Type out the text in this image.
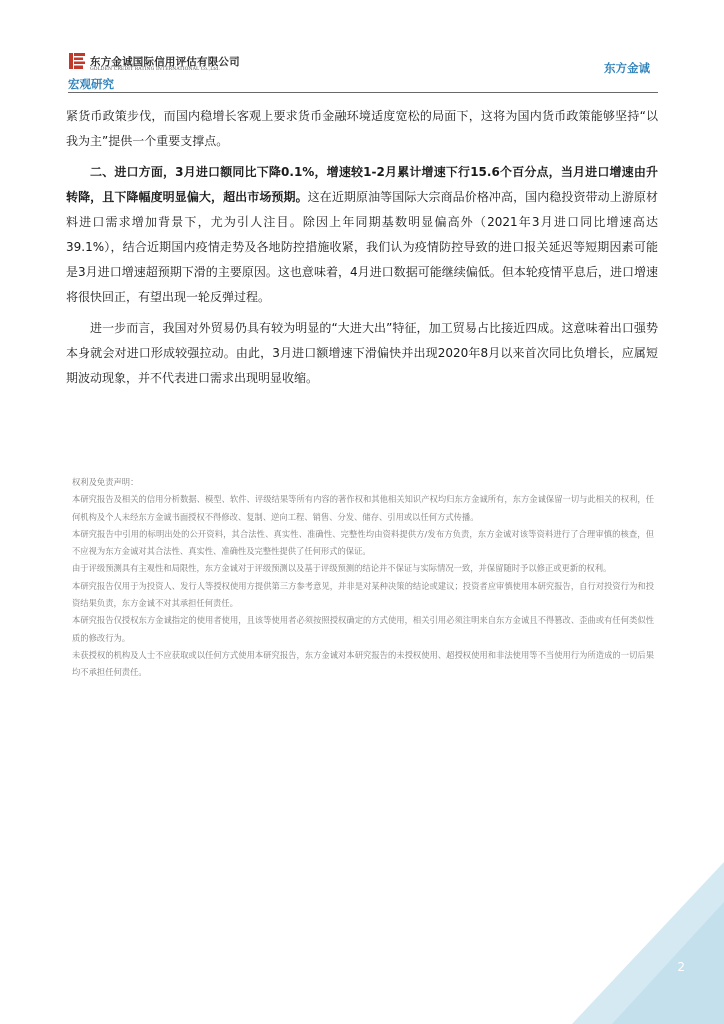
东方金诚国际信用评估有限公司
GOLDEN CREDIT RATING INTERNATIONAL Co.,Ltd.	东方金诚
宏观研究

紧货币政策步伐，而国内稳增长客观上要求货币金融环境适度宽松的局面下，这将为国内货币政策能够坚持“以我为主”提供一个重要支撑点。

二、进口方面，3月进口额同比下降0.1%，增速较1-2月累计增速下行15.6个百分点，当月进口增速由升转降，且下降幅度明显偏大，超出市场预期。这在近期原油等国际大宗商品价格冲高，国内稳投资带动上游原材料进口需求增加背景下，尤为引人注目。除因上年同期基数明显偏高外（2021年3月进口同比增速高达39.1%），结合近期国内疫情走势及各地防控措施收紧，我们认为疫情防控导致的进口报关延迟等短期因素可能是3月进口增速超预期下滑的主要原因。这也意味着，4月进口数据可能继续偏低。但本轮疫情平息后，进口增速将很快回正，有望出现一轮反弹过程。

进一步而言，我国对外贸易仍具有较为明显的“大进大出”特征，加工贸易占比接近四成。这意味着出口强势本身就会对进口形成较强拉动。由此，3月进口额增速下滑偏快并出现2020年8月以来首次同比负增长，应属短期波动现象，并不代表进口需求出现明显收缩。

权利及免责声明：
本研究报告及相关的信用分析数据、模型、软件、评级结果等所有内容的著作权和其他相关知识产权均归东方金诚所有，东方金诚保留一切与此相关的权利，任何机构及个人未经东方金诚书面授权不得修改、复制、逆向工程、销售、分发、储存、引用或以任何方式传播。
本研究报告中引用的标明出处的公开资料，其合法性、真实性、准确性、完整性均由资料提供方/发布方负责，东方金诚对该等资料进行了合理审慎的核查，但不应视为东方金诚对其合法性、真实性、准确性及完整性提供了任何形式的保证。
由于评级预测具有主观性和局限性，东方金诚对于评级预测以及基于评级预测的结论并不保证与实际情况一致，并保留随时予以修正或更新的权利。
本研究报告仅用于为投资人、发行人等授权使用方提供第三方参考意见，并非是对某种决策的结论或建议；投资者应审慎使用本研究报告，自行对投资行为和投资结果负责，东方金诚不对其承担任何责任。
本研究报告仅授权东方金诚指定的使用者使用，且该等使用者必须按照授权确定的方式使用，相关引用必须注明来自东方金诚且不得篡改、歪曲或有任何类似性质的修改行为。
未获授权的机构及人士不应获取或以任何方式使用本研究报告，东方金诚对本研究报告的未授权使用、超授权使用和非法使用等不当使用行为所造成的一切后果均不承担任何责任。
2
